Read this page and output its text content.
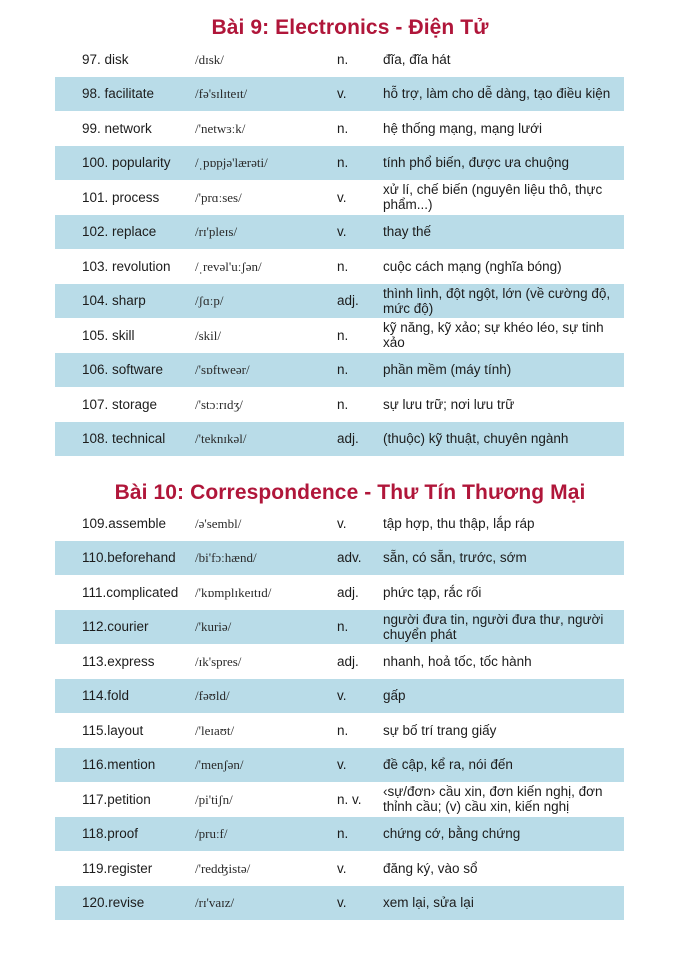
Bài 9: Electronics - Điện Tử
97. disk	/dɪsk/	n.	đĩa, đĩa hát
98. facilitate	/fə'sɪlɪteɪt/	v.	hỗ trợ, làm cho dễ dàng, tạo điều kiện
99. network	/'netwɜːk/	n.	hệ thống mạng, mạng lưới
100. popularity	/ˌpɒpjə'lærəti/	n.	tính phổ biến, được ưa chuộng
101. process	/'prɑːses/	v.	xử lí, chế biến (nguyên liệu thô, thực phẩm...)
102. replace	/rɪ'pleɪs/	v.	thay thế
103. revolution	/ˌrevəl'uːʃən/	n.	cuộc cách mạng (nghĩa bóng)
104. sharp	/ʃɑːp/	adj.	thình lình, đột ngột, lớn (về cường độ, mức độ)
105. skill	/skil/	n.	kỹ năng, kỹ xảo; sự khéo léo, sự tinh xảo
106. software	/'sɒftweər/	n.	phần mềm (máy tính)
107. storage	/'stɔːrɪdʒ/	n.	sự lưu trữ; nơi lưu trữ
108. technical	/'teknɪkəl/	adj.	(thuộc) kỹ thuật, chuyên ngành
Bài 10: Correspondence - Thư Tín Thương Mại
109.assemble	/ə'sembl/	v.	tập hợp, thu thập, lắp ráp
110.beforehand	/bi'fɔːhænd/	adv.	sẵn, có sẵn, trước, sớm
111.complicated	/'kɒmplɪkeɪtɪd/	adj.	phức tạp, rắc rối
112.courier	/'kuriə/	n.	người đưa tin, người đưa thư, người chuyển phát
113.express	/ɪk'spres/	adj.	nhanh, hoả tốc, tốc hành
114.fold	/fəʊld/	v.	gấp
115.layout	/'leɪaʊt/	n.	sự bố trí trang giấy
116.mention	/'menʃən/	v.	đề cập, kể ra, nói đến
117.petition	/pi'tiʃn/	n. v.	‹sự/đơn› cầu xin, đơn kiến nghị, đơn thỉnh cầu; (v) cầu xin, kiến nghị
118.proof	/pruːf/	n.	chứng cớ, bằng chứng
119.register	/'redʤistə/	v.	đăng ký, vào sổ
120.revise	/rɪ'vaɪz/	v.	xem lại, sửa lại
